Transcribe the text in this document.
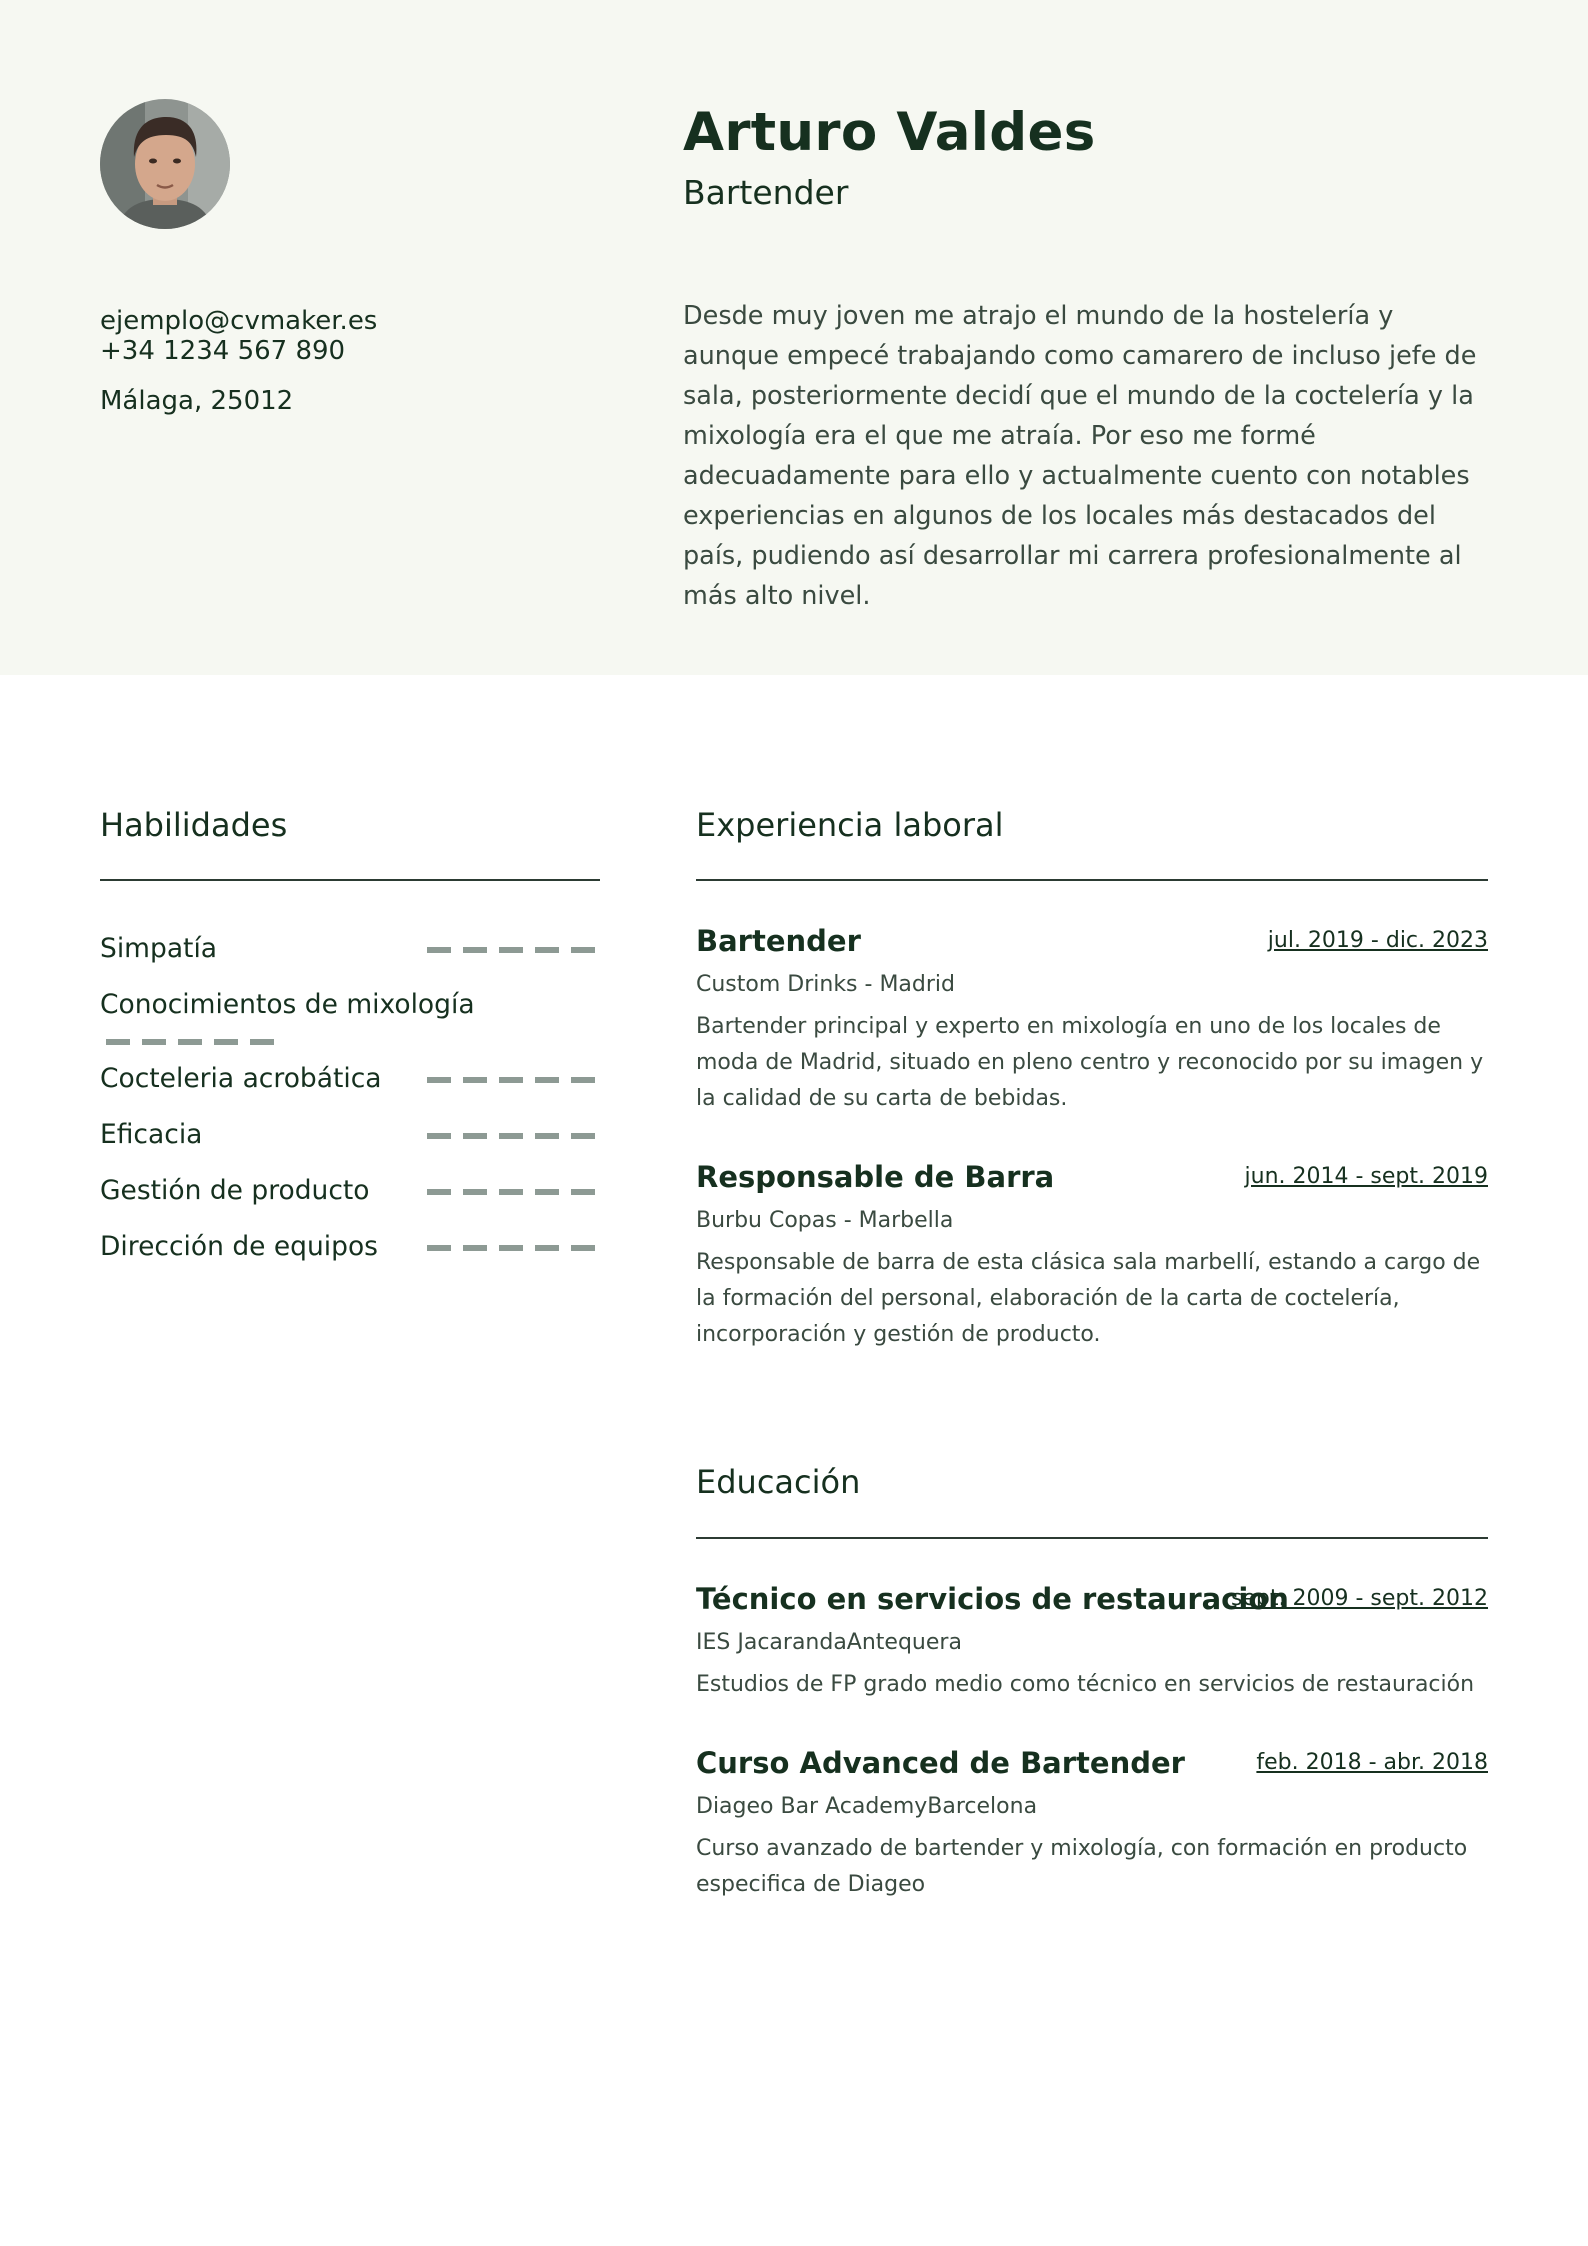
Arturo Valdes
Bartender
ejemplo@cvmaker.es
+34 1234 567 890
Málaga, 25012
Desde muy joven me atrajo el mundo de la hostelería y aunque empecé trabajando como camarero de incluso jefe de sala, posteriormente decidí que el mundo de la coctelería y la mixología era el que me atraía. Por eso me formé adecuadamente para ello y actualmente cuento con notables experiencias en algunos de los locales más destacados del país, pudiendo así desarrollar mi carrera profesionalmente al más alto nivel.
Habilidades
Simpatía
Conocimientos de mixología
Cocteleria acrobática
Eficacia
Gestión de producto
Dirección de equipos
Experiencia laboral
Bartender	jul. 2019 - dic. 2023
Custom Drinks - Madrid
Bartender principal y experto en mixología en uno de los locales de moda de Madrid, situado en pleno centro y reconocido por su imagen y la calidad de su carta de bebidas.
Responsable de Barra	jun. 2014 - sept. 2019
Burbu Copas - Marbella
Responsable de barra de esta clásica sala marbellí, estando a cargo de la formación del personal, elaboración de la carta de coctelería, incorporación y gestión de producto.
Educación
Técnico en servicios de restauracion
sept. 2009 - sept. 2012
IES JacarandaAntequera
Estudios de FP grado medio como técnico en servicios de restauración
Curso Advanced de Bartender	feb. 2018 - abr. 2018
Diageo Bar AcademyBarcelona
Curso avanzado de bartender y mixología, con formación en producto especifica de Diageo
